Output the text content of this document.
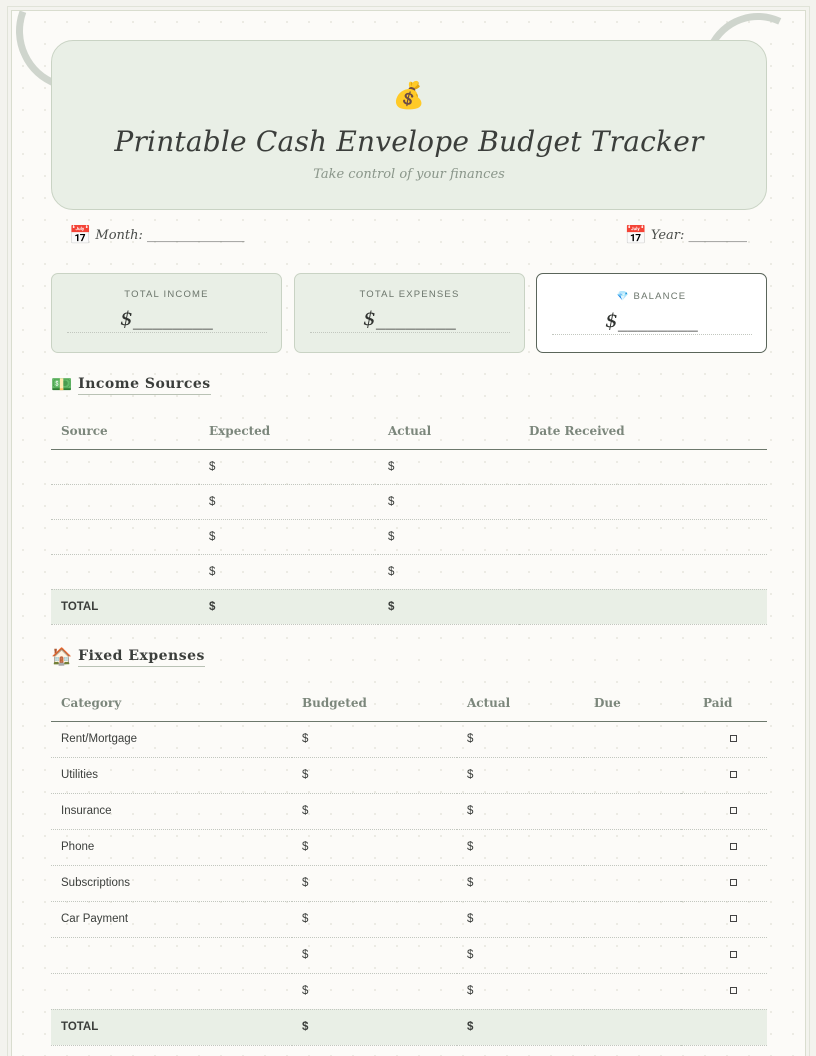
💰
Printable Cash Envelope Budget Tracker
Take control of your finances
📅 Month: _______________	📅 Year: _________
TOTAL INCOME
$________
TOTAL EXPENSES
$________
💎 BALANCE
$________
💵 Income Sources
Source	Expected	Actual	Date Received
	$	$	
	$	$	
	$	$	
	$	$	
TOTAL	$	$	
🏠 Fixed Expenses
Category	Budgeted	Actual	Due	Paid
Rent/Mortgage	$	$		
Utilities	$	$		
Insurance	$	$		
Phone	$	$		
Subscriptions	$	$		
Car Payment	$	$		
	$	$		
	$	$		
TOTAL	$	$		
